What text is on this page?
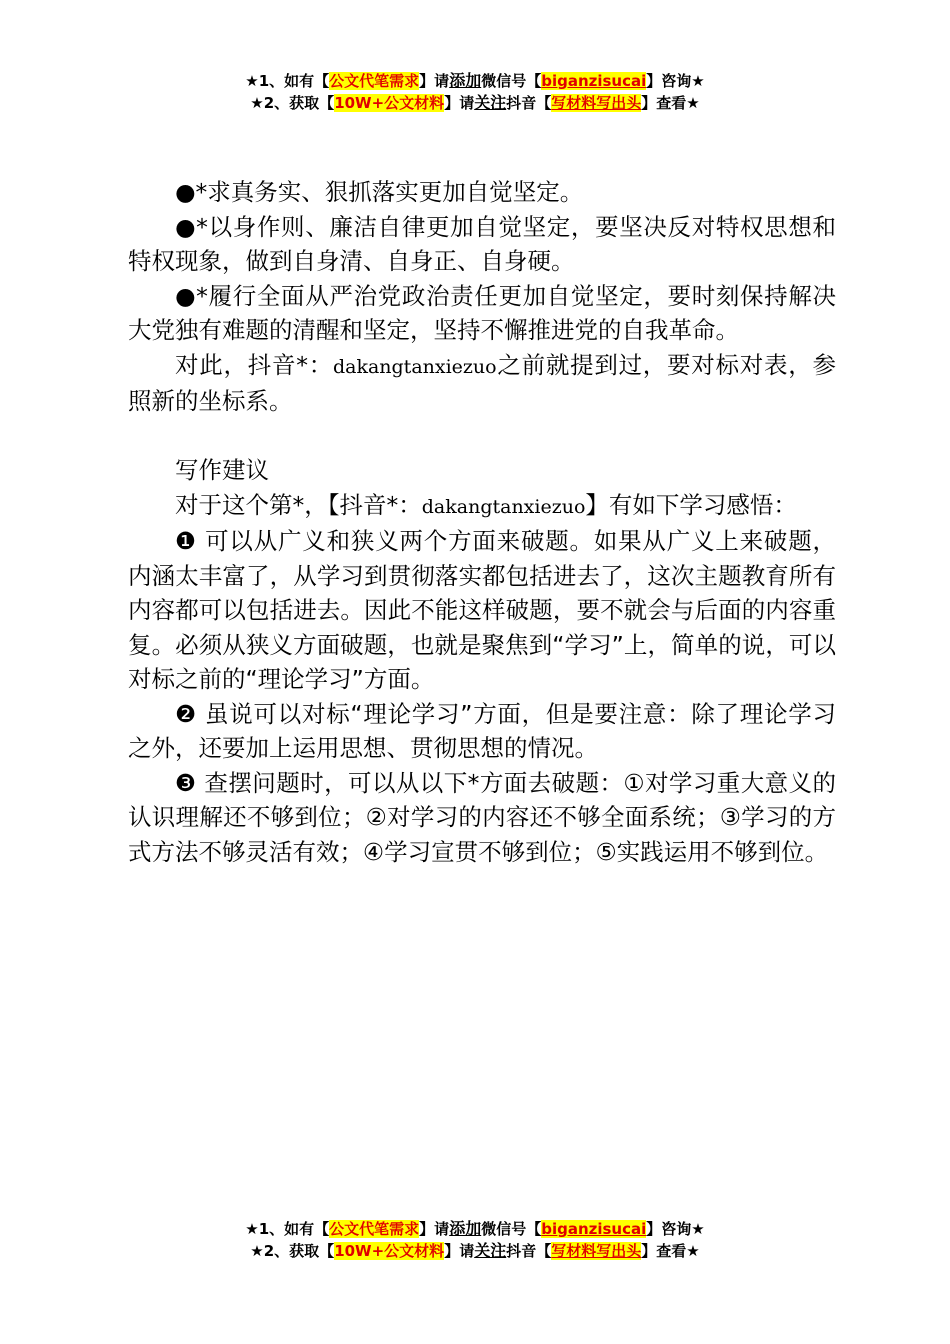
★1、如有【公文代笔需求】请添加微信号【biganzisucai】咨询★
★2、获取【10W+公文材料】请关注抖音【写材料写出头】查看★

●*求真务实、狠抓落实更加自觉坚定。

●*以身作则、廉洁自律更加自觉坚定，要坚决反对特权思想和特权现象，做到自身清、自身正、自身硬。

●*履行全面从严治党政治责任更加自觉坚定，要时刻保持解决大党独有难题的清醒和坚定，坚持不懈推进党的自我革命。

对此，抖音*：dakangtanxiezuo之前就提到过，要对标对表，参照新的坐标系。

写作建议

对于这个第*，【抖音*：dakangtanxiezuo】有如下学习感悟：

❶ 可以从广义和狭义两个方面来破题。如果从广义上来破题，内涵太丰富了，从学习到贯彻落实都包括进去了，这次主题教育所有内容都可以包括进去。因此不能这样破题，要不就会与后面的内容重复。必须从狭义方面破题，也就是聚焦到“学习”上，简单的说，可以对标之前的“理论学习”方面。

❷ 虽说可以对标“理论学习”方面，但是要注意：除了理论学习之外，还要加上运用思想、贯彻思想的情况。

❸ 查摆问题时，可以从以下*方面去破题：①对学习重大意义的认识理解还不够到位；②对学习的内容还不够全面系统；③学习的方式方法不够灵活有效；④学习宣贯不够到位；⑤实践运用不够到位。

★1、如有【公文代笔需求】请添加微信号【biganzisucai】咨询★
★2、获取【10W+公文材料】请关注抖音【写材料写出头】查看★
